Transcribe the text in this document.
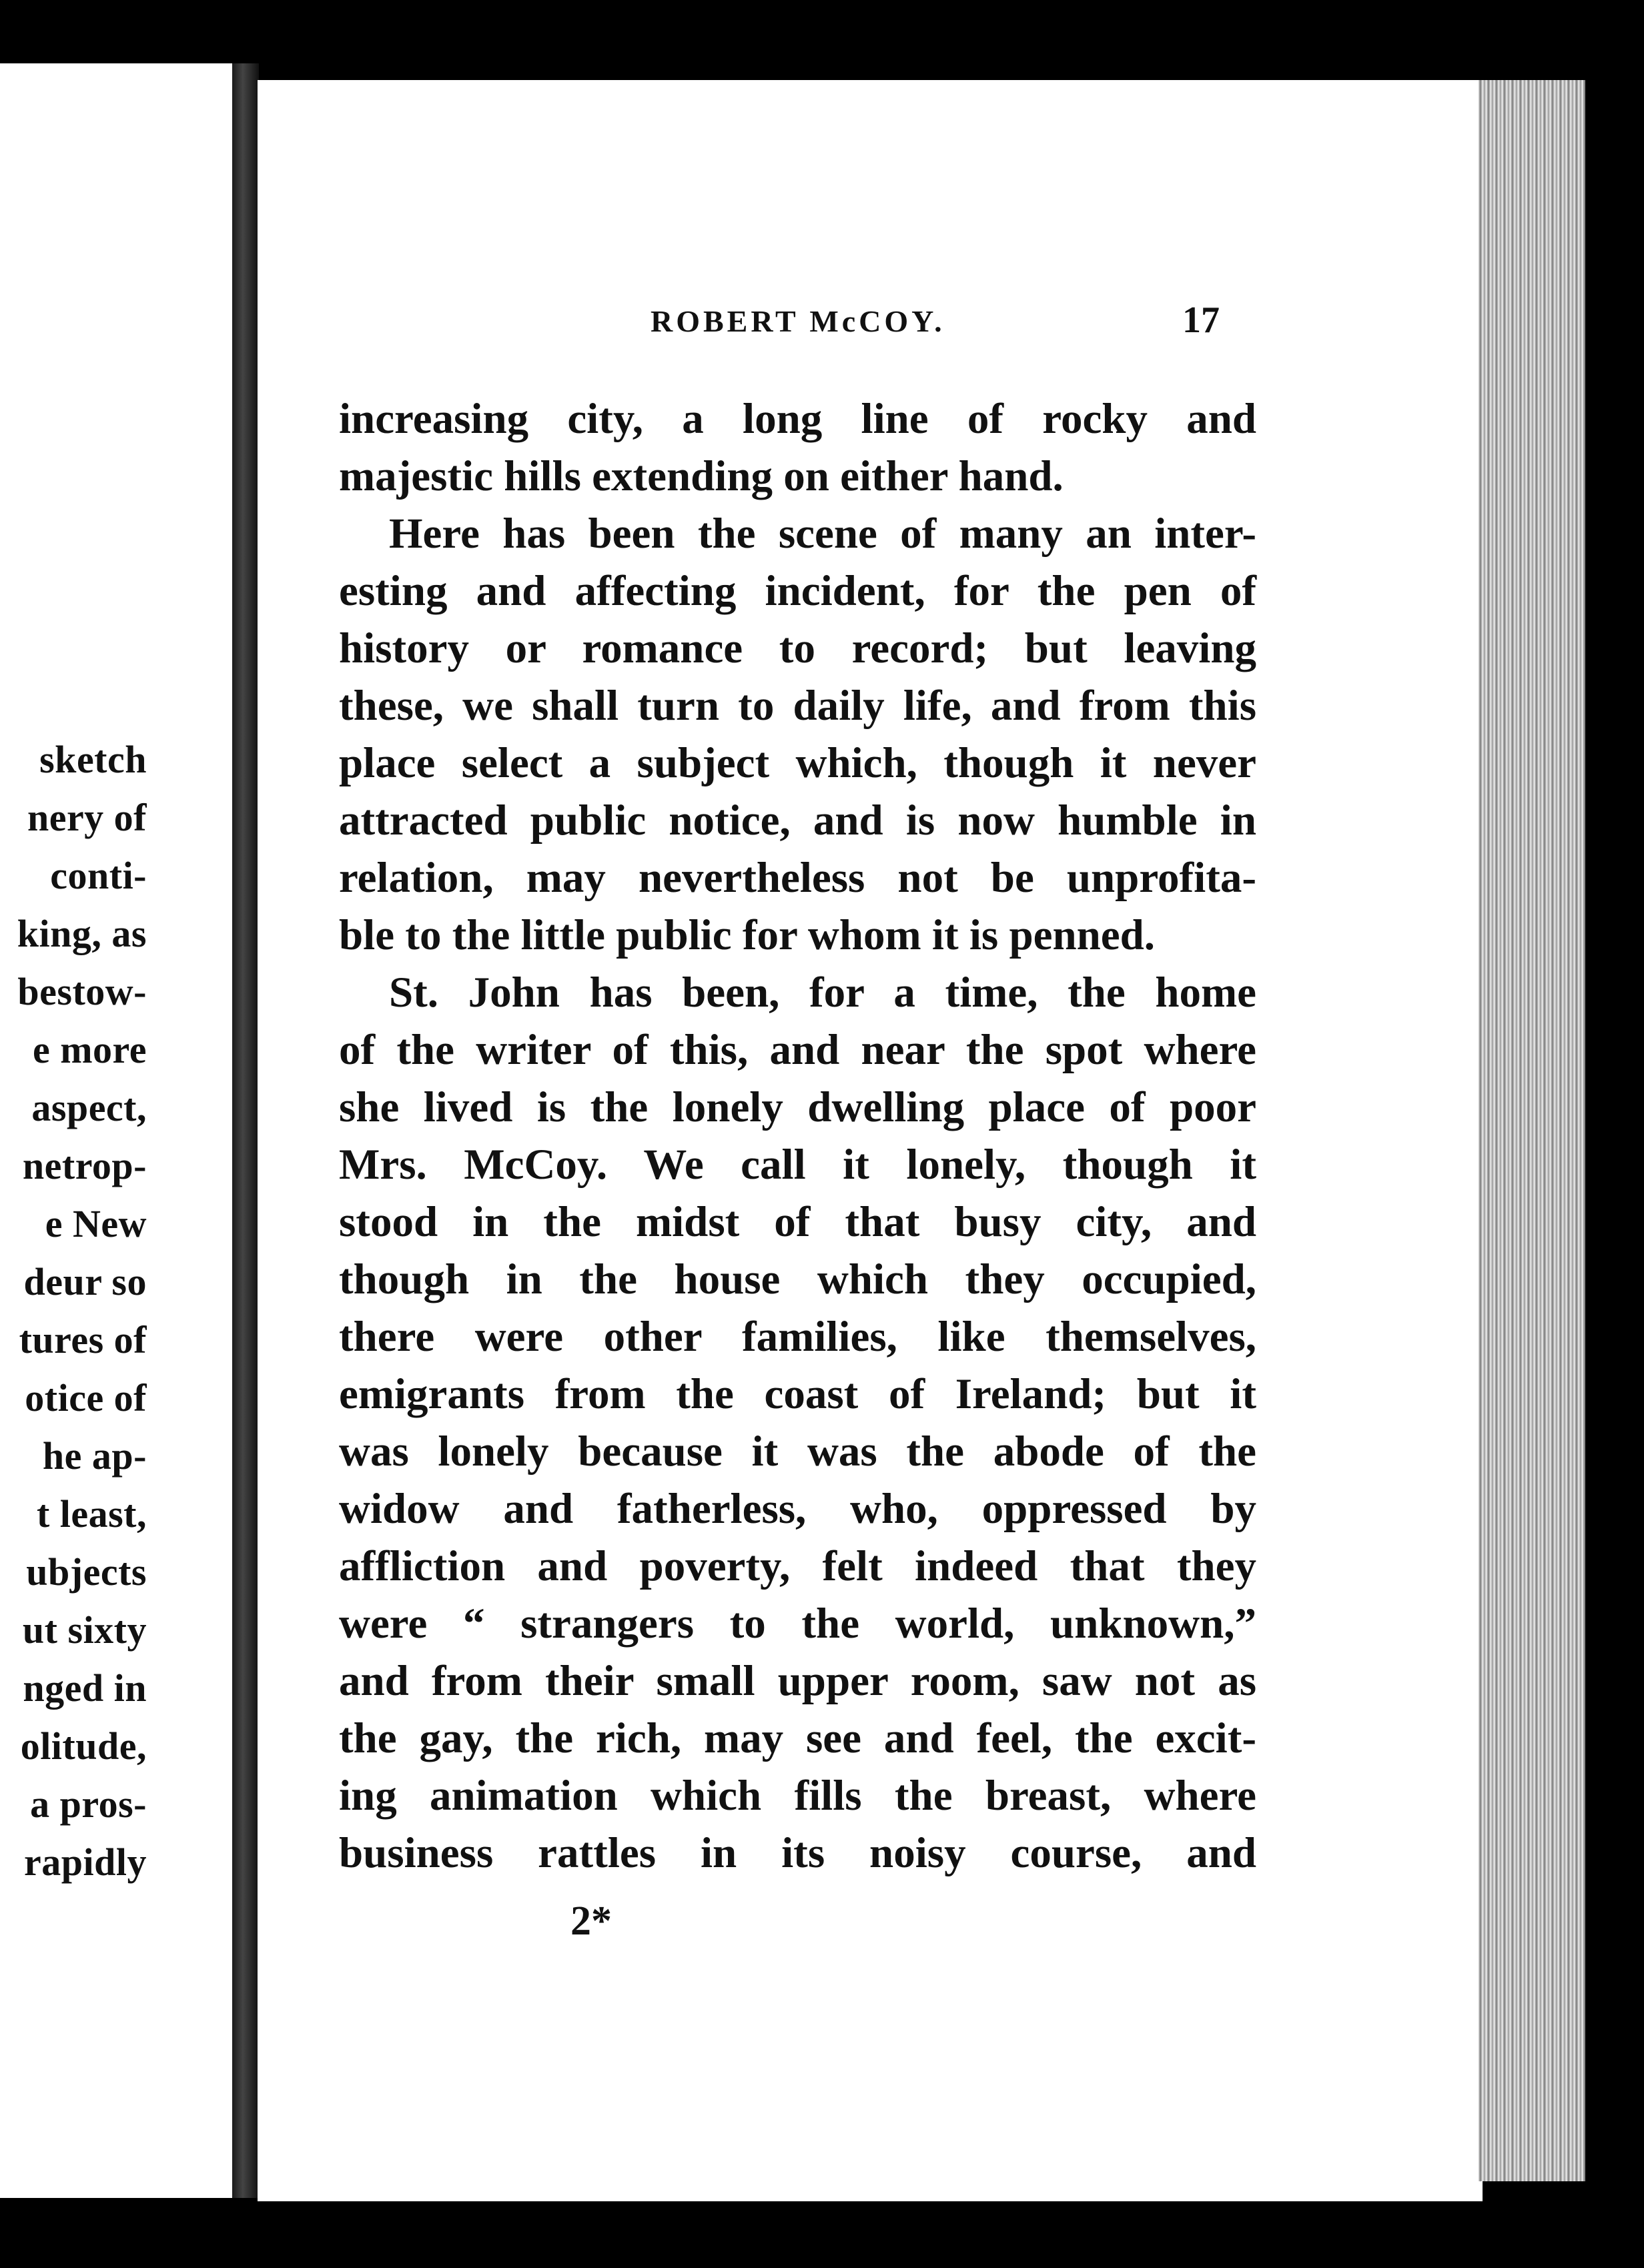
sketch
nery of
conti-
king, as
bestow-
e more
aspect,
netrop-
e New
deur so
tures of
otice of
he ap-
t least,
ubjects
ut sixty
nged in
olitude,
a pros-
rapidly
ROBERT McCOY.	17
increasing city, a long line of rocky and
majestic hills extending on either hand.
Here has been the scene of many an inter-
esting and affecting incident, for the pen of
history or romance to record; but leaving
these, we shall turn to daily life, and from this
place select a subject which, though it never
attracted public notice, and is now humble in
relation, may nevertheless not be unprofita-
ble to the little public for whom it is penned.
St. John has been, for a time, the home
of the writer of this, and near the spot where
she lived is the lonely dwelling place of poor
Mrs. McCoy. We call it lonely, though it
stood in the midst of that busy city, and
though in the house which they occupied,
there were other families, like themselves,
emigrants from the coast of Ireland; but it
was lonely because it was the abode of the
widow and fatherless, who, oppressed by
affliction and poverty, felt indeed that they
were “ strangers to the world, unknown,”
and from their small upper room, saw not as
the gay, the rich, may see and feel, the excit-
ing animation which fills the breast, where
business rattles in its noisy course, and
2*
